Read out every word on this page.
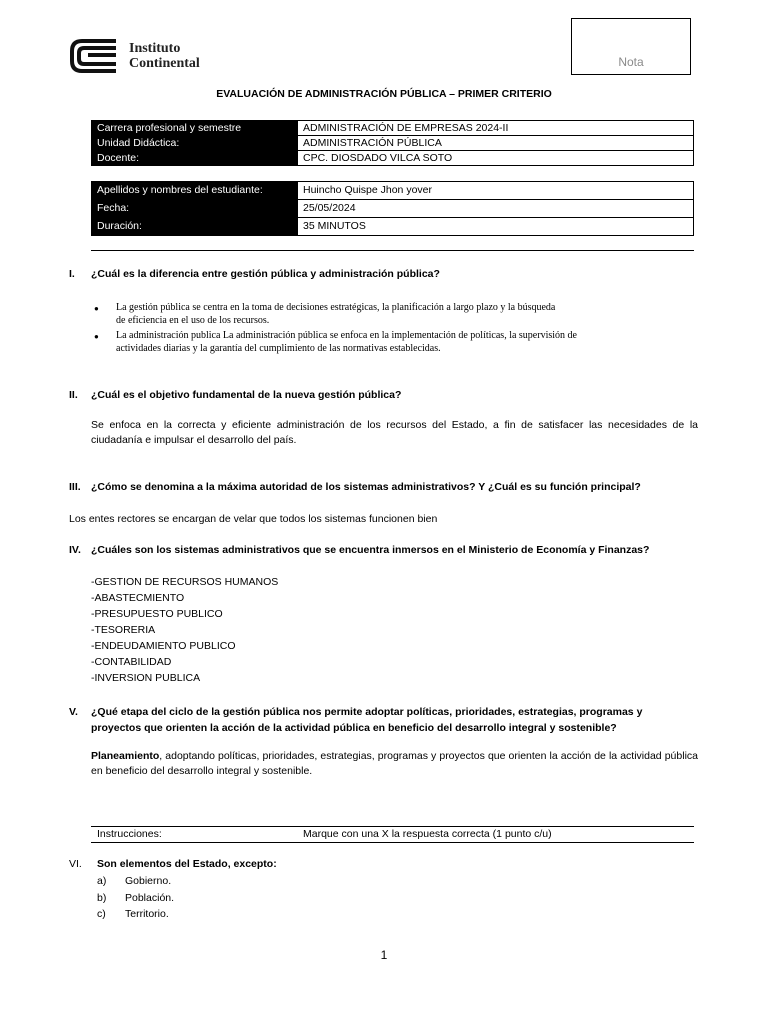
Instituto
Continental	Nota
EVALUACIÓN DE ADMINISTRACIÓN PÚBLICA – PRIMER CRITERIO
Carrera profesional y semestre	ADMINISTRACIÓN DE EMPRESAS 2024-II
Unidad Didáctica:	ADMINISTRACIÓN PÚBLICA
Docente:	CPC. DIOSDADO VILCA SOTO
Apellidos y nombres del estudiante:	Huincho Quispe Jhon yover
Fecha:	25/05/2024
Duración:	35 MINUTOS
I. ¿Cuál es la diferencia entre gestión pública y administración pública?
● La gestión pública se centra en la toma de decisiones estratégicas, la planificación a largo plazo y la búsqueda
de eficiencia en el uso de los recursos.
● La administración publica La administración pública se enfoca en la implementación de políticas, la supervisión de
actividades diarias y la garantía del cumplimiento de las normativas establecidas.
II. ¿Cuál es el objetivo fundamental de la nueva gestión pública?
Se enfoca en la correcta y eficiente administración de los recursos del Estado, a fin de satisfacer las necesidades de la ciudadanía e impulsar el desarrollo del país.
III. ¿Cómo se denomina a la máxima autoridad de los sistemas administrativos? Y ¿Cuál es su función principal?
Los entes rectores se encargan de velar que todos los sistemas funcionen bien
IV. ¿Cuáles son los sistemas administrativos que se encuentra inmersos en el Ministerio de Economía y Finanzas?
-GESTION DE RECURSOS HUMANOS
-ABASTECMIENTO
-PRESUPUESTO PUBLICO
-TESORERIA
-ENDEUDAMIENTO PUBLICO
-CONTABILIDAD
-INVERSION PUBLICA
V. ¿Qué etapa del ciclo de la gestión pública nos permite adoptar políticas, prioridades, estrategias, programas y
proyectos que orienten la acción de la actividad pública en beneficio del desarrollo integral y sostenible?
Planeamiento, adoptando políticas, prioridades, estrategias, programas y proyectos que orienten la acción de la actividad pública en beneficio del desarrollo integral y sostenible.
Instrucciones:	Marque con una X la respuesta correcta (1 punto c/u)
VI. Son elementos del Estado, excepto:
a) Gobierno.
b) Población.
c) Territorio.
1
